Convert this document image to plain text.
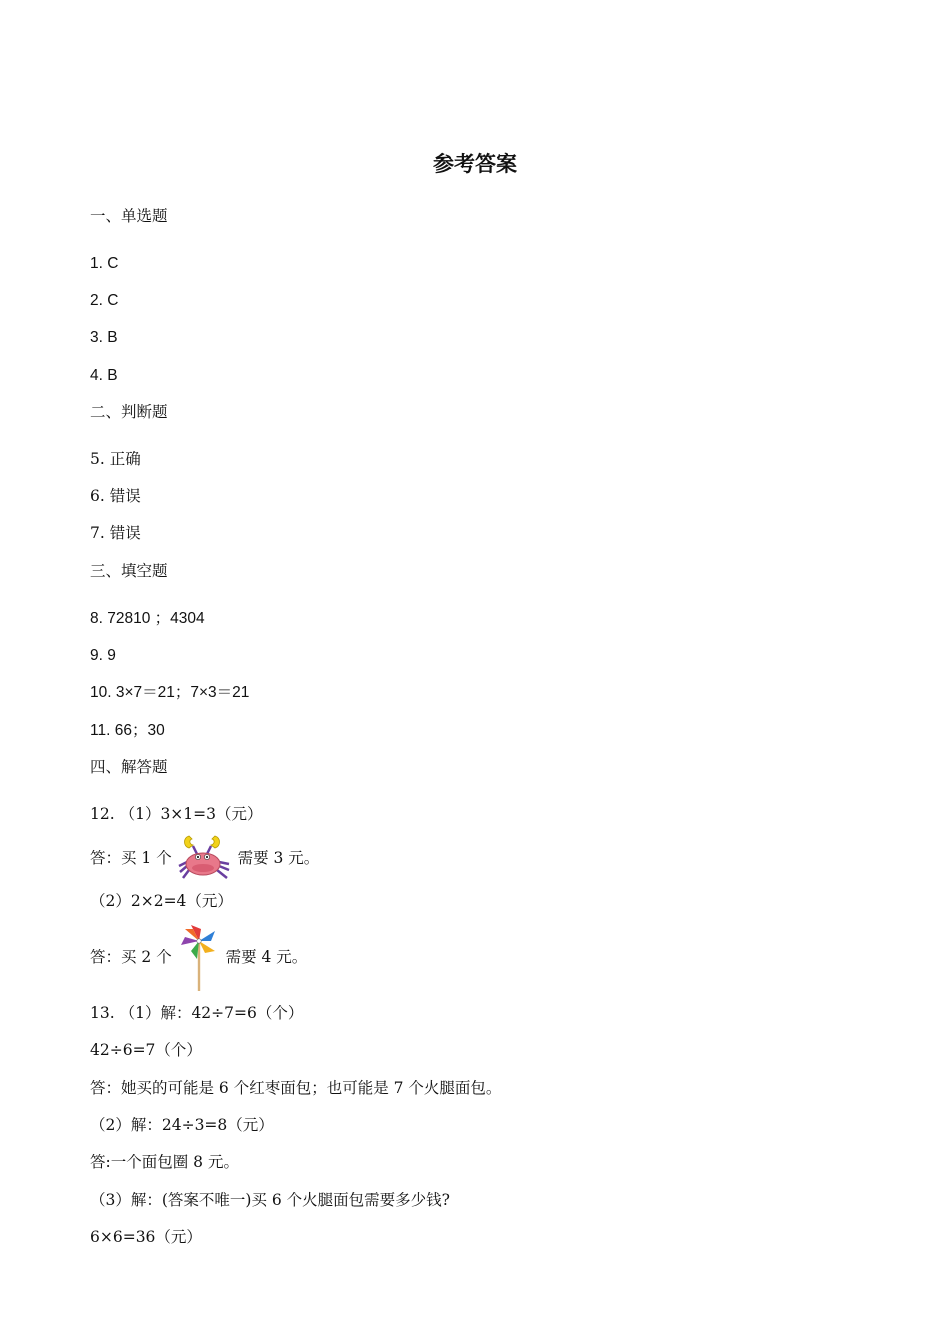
参考答案
一、单选题
1. C
2. C
3. B
4. B
二、判断题
5. 正确
6. 错误
7. 错误
三、填空题
8. 72810 ；4304
9. 9
10. 3×7＝21；7×3＝21
11. 66；30
四、解答题
12. （1）3×1=3（元）
答：买 1 个	需要 3 元。
（2）2×2=4（元）
答：买 2 个	需要 4 元。
13. （1）解：42÷7=6（个）
42÷6=7（个）
答：她买的可能是 6 个红枣面包；也可能是 7 个火腿面包。
（2）解：24÷3=8（元）
答:一个面包圈 8 元。
（3）解：(答案不唯一)买 6 个火腿面包需要多少钱?
6×6=36（元）
